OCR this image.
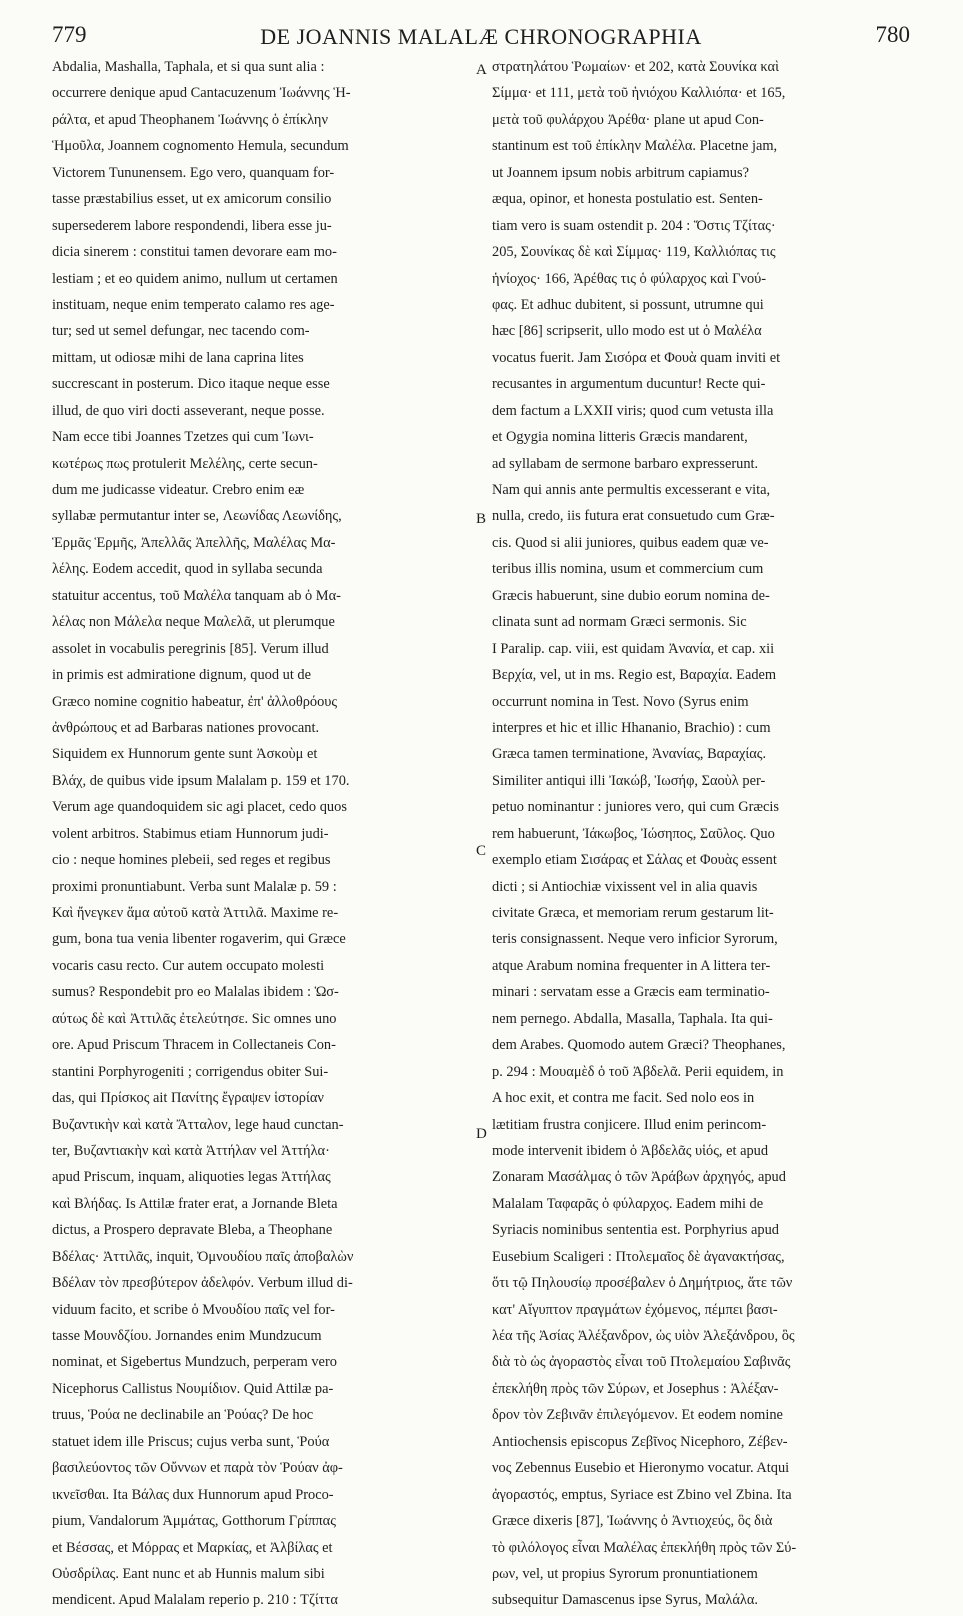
779	DE JOANNIS MALALÆ CHRONOGRAPHIA	780
Abdalia, Mashalla, Taphala, et si qua sunt alia :
occurrere denique apud Cantacuzenum Ἰωάννης Ἡ-
ράλτα, et apud Theophanem Ἰωάννης ὁ ἐπίκλην
Ἡμοῦλα, Joannem cognomento Hemula, secundum
Victorem Tununensem. Ego vero, quanquam for-
tasse præstabilius esset, ut ex amicorum consilio
supersederem labore respondendi, libera esse ju-
dicia sinerem : constitui tamen devorare eam mo-
lestiam ; et eo quidem animo, nullum ut certamen
instituam, neque enim temperato calamo res age-
tur; sed ut semel defungar, nec tacendo com-
mittam, ut odiosæ mihi de lana caprina lites
succrescant in posterum. Dico itaque neque esse
illud, de quo viri docti asseverant, neque posse.
Nam ecce tibi Joannes Tzetzes qui cum Ἰωνι-
κωτέρως πως protulerit Μελέλης, certe secun-
dum me judicasse videatur. Crebro enim eæ
syllabæ permutantur inter se, Λεωνίδας Λεωνίδης,
Ἑρμᾶς Ἑρμῆς, Ἀπελλᾶς Ἀπελλῆς, Μαλέλας Μα-
λέλης. Eodem accedit, quod in syllaba secunda
statuitur accentus, τοῦ Μαλέλα tanquam ab ὁ Μα-
λέλας non Μάλελα neque Μαλελᾶ, ut plerumque
assolet in vocabulis peregrinis [85]. Verum illud
in primis est admiratione dignum, quod ut de
Græco nomine cognitio habeatur, ἐπ' ἀλλοθρόους
ἀνθρώπους et ad Barbaras nationes provocant.
Siquidem ex Hunnorum gente sunt Ἀσκοὺμ et
Βλάχ, de quibus vide ipsum Malalam p. 159 et 170.
Verum age quandoquidem sic agi placet, cedo quos
volent arbitros. Stabimus etiam Hunnorum judi-
cio : neque homines plebeii, sed reges et regibus
proximi pronuntiabunt. Verba sunt Malalæ p. 59 :
Καὶ ἤνεγκεν ἅμα αὐτοῦ κατὰ Ἀττιλᾶ. Maxime re-
gum, bona tua venia libenter rogaverim, qui Græce
vocaris casu recto. Cur autem occupato molesti
sumus? Respondebit pro eo Malalas ibidem : Ὡσ-
αύτως δὲ καὶ Ἀττιλᾶς ἐτελεύτησε. Sic omnes uno
ore. Apud Priscum Thracem in Collectaneis Con-
stantini Porphyrogeniti ; corrigendus obiter Sui-
das, qui Πρίσκος ait Πανίτης ἔγραψεν ἱστορίαν
Βυζαντικὴν καὶ κατὰ Ἄτταλον, lege haud cunctan-
ter, Βυζαντιακὴν καὶ κατὰ Ἀττήλαν vel Ἀττήλα·
apud Priscum, inquam, aliquoties legas Ἀττήλας
καὶ Βλήδας. Is Attilæ frater erat, a Jornande Bleta
dictus, a Prospero depravate Bleba, a Theophane
Βδέλας· Ἀττιλᾶς, inquit, Ὀμνουδίου παῖς ἀποβαλὼν
Βδέλαν τὸν πρεσβύτερον ἀδελφόν. Verbum illud di-
viduum facito, et scribe ὁ Μνουδίου παῖς vel for-
tasse Μουνδζίου. Jornandes enim Mundzucum
nominat, et Sigebertus Mundzuch, perperam vero
Nicephorus Callistus Νουμίδιον. Quid Attilæ pa-
truus, Ῥούα ne declinabile an Ῥούας? De hoc
statuet idem ille Priscus; cujus verba sunt, Ῥούα
βασιλεύοντος τῶν Οὔννων et παρὰ τὸν Ῥούαν ἀφ-
ικνεῖσθαι. Ita Βάλας dux Hunnorum apud Proco-
pium, Vandalorum Ἀμμάτας, Gotthorum Γρίππας
et Βέσσας, et Μόρρας et Μαρκίας, et Ἀλβίλας et
Οὐσδρίλας. Eant nunc et ab Hunnis malum sibi
mendicent. Apud Malalam reperio p. 210 : Τζίττα
στρατηλάτου Ῥωμαίων· et 202, κατὰ Σουνίκα καὶ
Σίμμα· et 111, μετὰ τοῦ ἡνιόχου Καλλιόπα· et 165,
μετὰ τοῦ φυλάρχου Ἀρέθα· plane ut apud Con-
stantinum est τοῦ ἐπίκλην Μαλέλα. Placetne jam,
ut Joannem ipsum nobis arbitrum capiamus?
æqua, opinor, et honesta postulatio est. Senten-
tiam vero is suam ostendit p. 204 : Ὅστις Τζίτας·
205, Σουνίκας δὲ καὶ Σίμμας· 119, Καλλιόπας τις
ἡνίοχος· 166, Ἀρέθας τις ὁ φύλαρχος καὶ Γνού-
φας. Et adhuc dubitent, si possunt, utrumne qui
hæc [86] scripserit, ullo modo est ut ὁ Μαλέλα
vocatus fuerit. Jam Σισόρα et Φουὰ quam inviti et
recusantes in argumentum ducuntur! Recte qui-
dem factum a LXXII viris; quod cum vetusta illa
et Ogygia nomina litteris Græcis mandarent,
ad syllabam de sermone barbaro expresserunt.
Nam qui annis ante permultis excesserant e vita,
nulla, credo, iis futura erat consuetudo cum Græ-
cis. Quod si alii juniores, quibus eadem quæ ve-
teribus illis nomina, usum et commercium cum
Græcis habuerunt, sine dubio eorum nomina de-
clinata sunt ad normam Græci sermonis. Sic
I Paralip. cap. viii, est quidam Ἀνανία, et cap. xii
Βερχία, vel, ut in ms. Regio est, Βαραχία. Eadem
occurrunt nomina in Test. Novo (Syrus enim
interpres et hic et illic Hhananio, Brachio) : cum
Græca tamen terminatione, Ἀνανίας, Βαραχίας.
Similiter antiqui illi Ἰακώβ, Ἰωσήφ, Σαοὺλ per-
petuo nominantur : juniores vero, qui cum Græcis
rem habuerunt, Ἰάκωβος, Ἰώσηπος, Σαῦλος. Quo
exemplo etiam Σισάρας et Σάλας et Φουὰς essent
dicti ; si Antiochiæ vixissent vel in alia quavis
civitate Græca, et memoriam rerum gestarum lit-
teris consignassent. Neque vero inficior Syrorum,
atque Arabum nomina frequenter in A littera ter-
minari : servatam esse a Græcis eam terminatio-
nem pernego. Abdalla, Masalla, Taphala. Ita qui-
dem Arabes. Quomodo autem Græci? Theophanes,
p. 294 : Μουαμὲδ ὁ τοῦ Ἀβδελᾶ. Perii equidem, in
A hoc exit, et contra me facit. Sed nolo eos in
lætitiam frustra conjicere. Illud enim perincom-
mode intervenit ibidem ὁ Ἀβδελᾶς υἱός, et apud
Zonaram Μασάλμας ὁ τῶν Ἀράβων ἀρχηγός, apud
Malalam Ταφαρᾶς ὁ φύλαρχος. Eadem mihi de
Syriacis nominibus sententia est. Porphyrius apud
Eusebium Scaligeri : Πτολεμαῖος δὲ ἀγανακτήσας,
ὅτι τῷ Πηλουσίῳ προσέβαλεν ὁ Δημήτριος, ἅτε τῶν
κατ' Αἴγυπτον πραγμάτων ἐχόμενος, πέμπει βασι-
λέα τῆς Ἀσίας Ἀλέξανδρον, ὡς υἱὸν Ἀλεξάνδρου, ὃς
διὰ τὸ ὡς ἀγοραστὸς εἶναι τοῦ Πτολεμαίου Σαβινᾶς
ἐπεκλήθη πρὸς τῶν Σύρων, et Josephus : Ἀλέξαν-
δρον τὸν Ζεβινᾶν ἐπιλεγόμενον. Et eodem nomine
Antiochensis episcopus Ζεβῖνος Nicephoro, Ζέβεν-
νος Zebennus Eusebio et Hieronymo vocatur. Atqui
ἀγοραστός, emptus, Syriace est Zbino vel Zbina. Ita
Græce dixeris [87], Ἰωάννης ὁ Ἀντιοχεύς, ὃς διὰ
τὸ φιλόλογος εἶναι Μαλέλας ἐπεκλήθη πρὸς τῶν Σύ-
ρων, vel, ut propius Syrorum pronuntiationem
subsequitur Damascenus ipse Syrus, Μαλάλα.
A
B
C
D
